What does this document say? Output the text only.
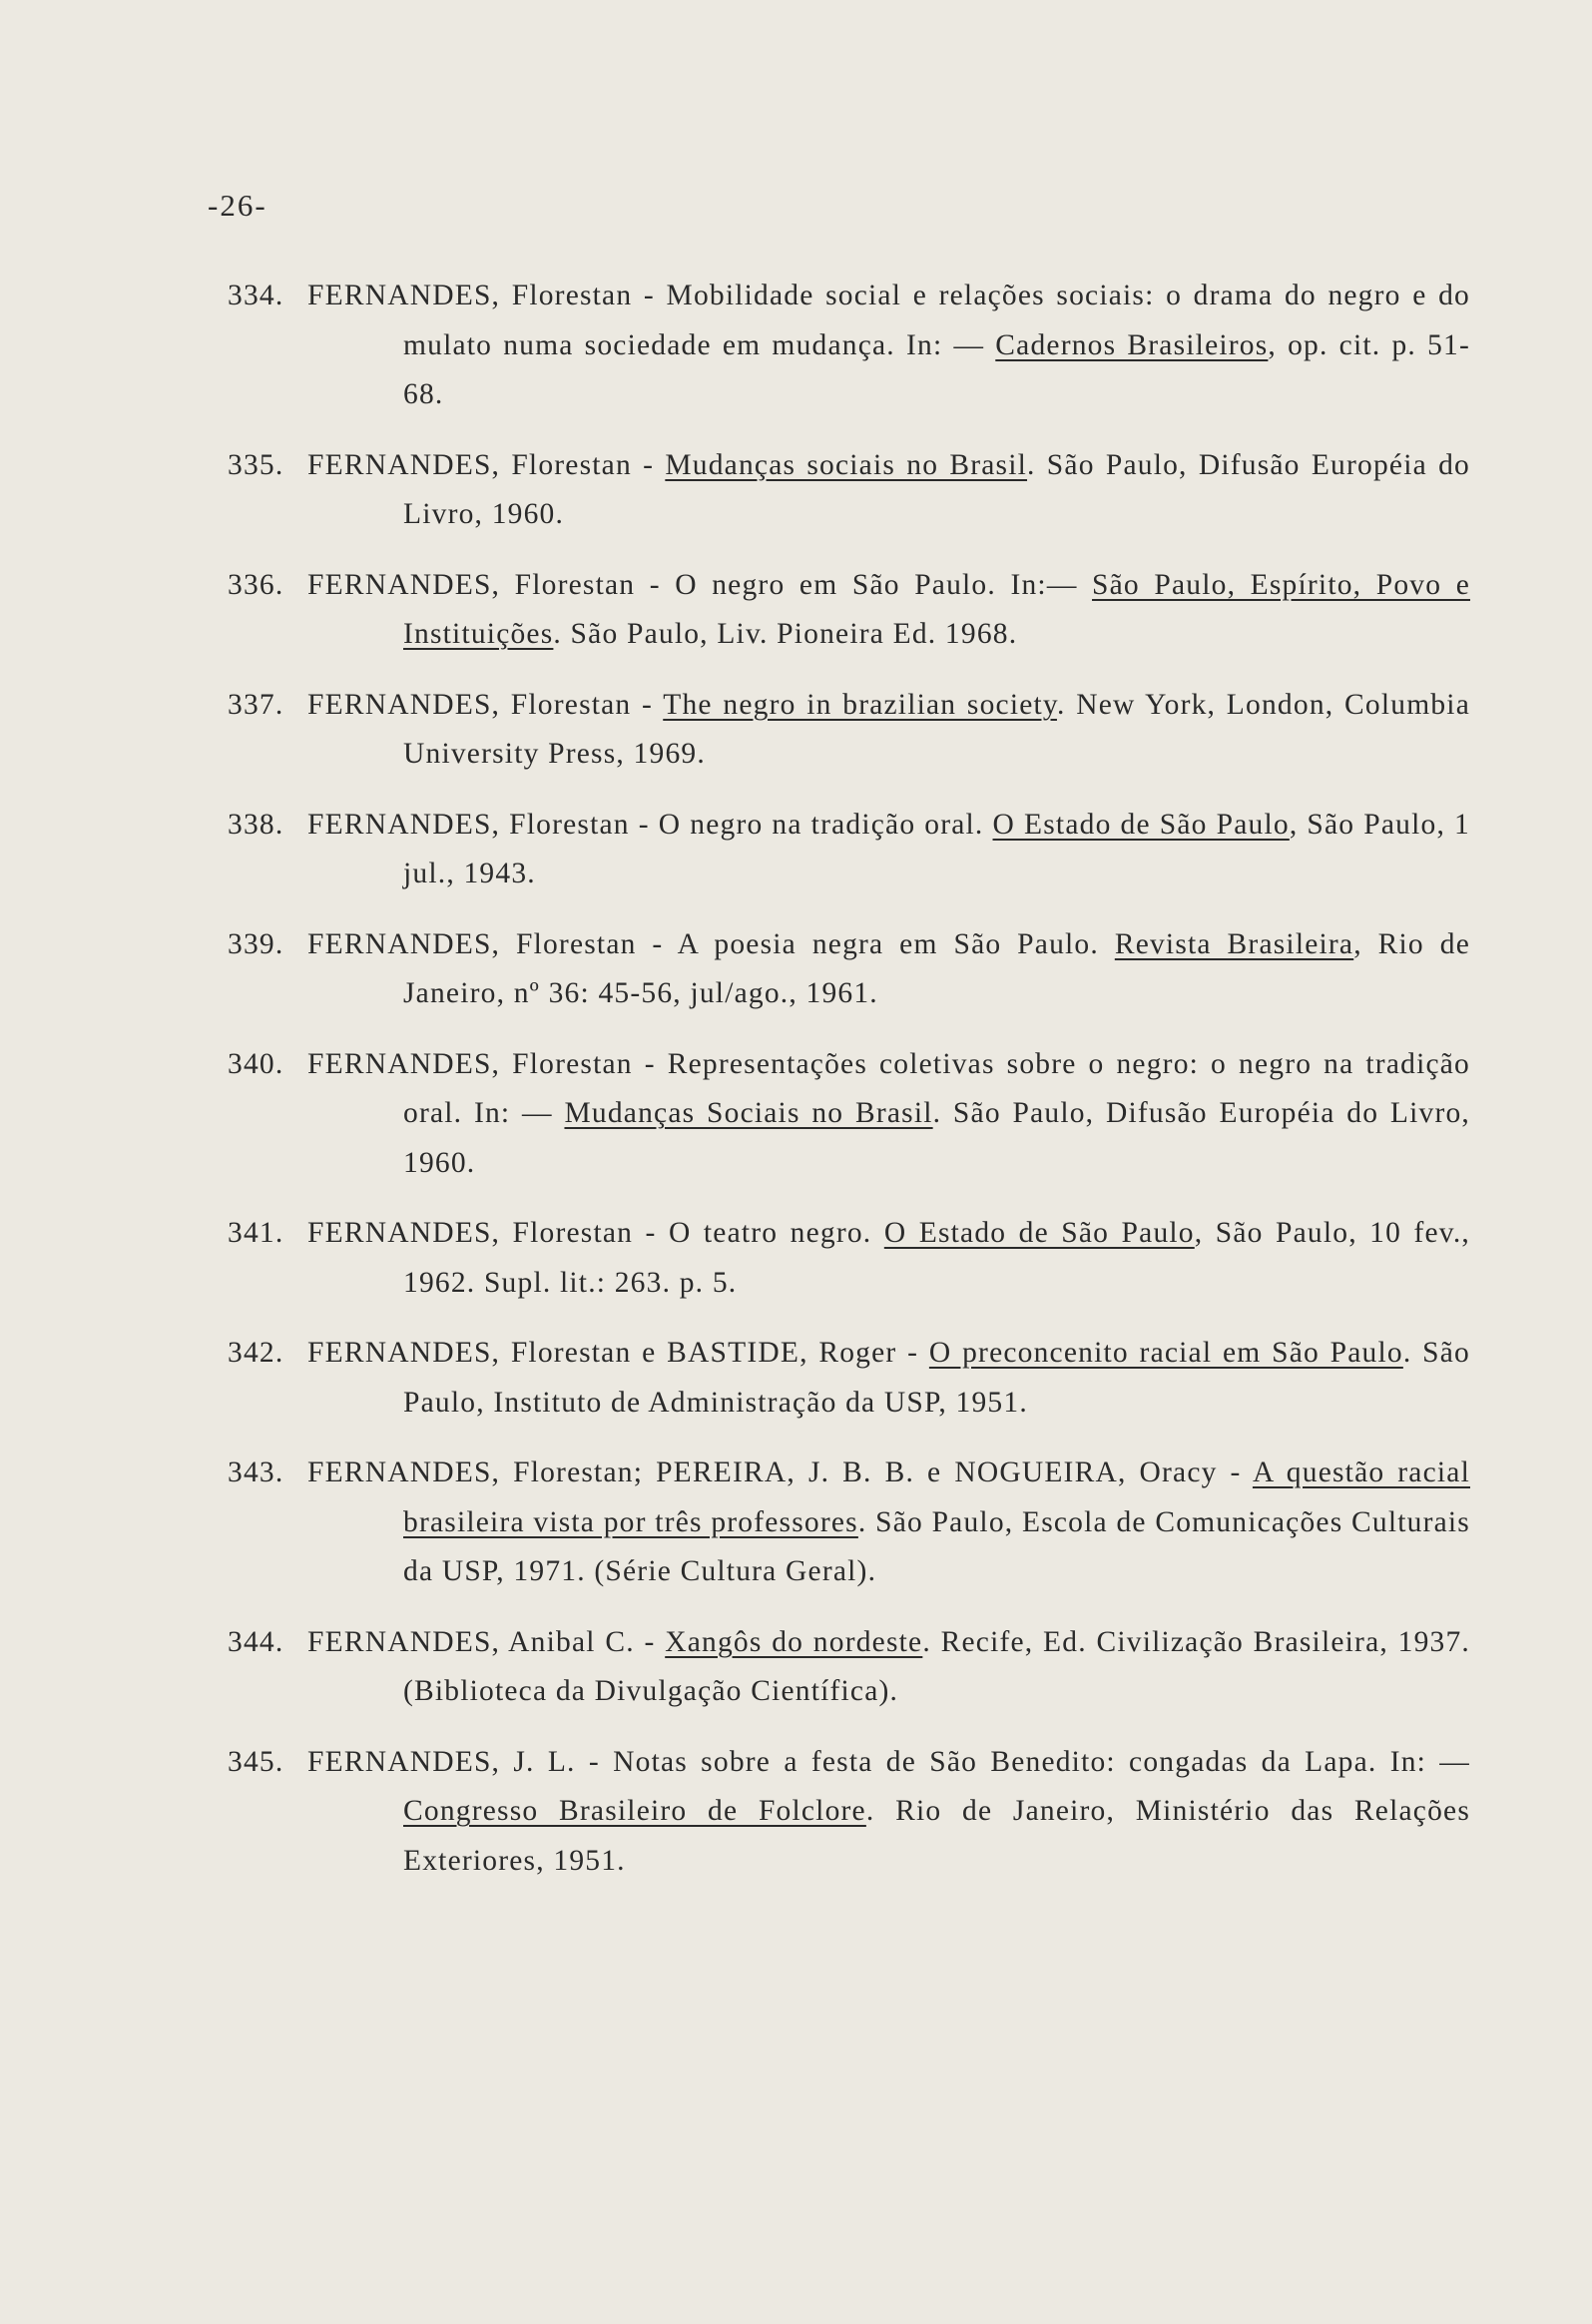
-26-
334. FERNANDES, Florestan - Mobilidade social e relações sociais: o drama do negro e do mulato numa sociedade em mudança. In: — Cadernos Brasileiros, op. cit. p. 51-68.
335. FERNANDES, Florestan - Mudanças sociais no Brasil. São Paulo, Difusão Européia do Livro, 1960.
336. FERNANDES, Florestan - O negro em São Paulo. In:— São Paulo, Espírito, Povo e Instituições. São Paulo, Liv. Pioneira Ed. 1968.
337. FERNANDES, Florestan - The negro in brazilian society. New York, London, Columbia University Press, 1969.
338. FERNANDES, Florestan - O negro na tradição oral. O Estado de São Paulo, São Paulo, 1 jul., 1943.
339. FERNANDES, Florestan - A poesia negra em São Paulo. Revista Brasileira, Rio de Janeiro, nº 36: 45-56, jul/ago., 1961.
340. FERNANDES, Florestan - Representações coletivas sobre o negro: o negro na tradição oral. In: — Mudanças Sociais no Brasil. São Paulo, Difusão Européia do Livro, 1960.
341. FERNANDES, Florestan - O teatro negro. O Estado de São Paulo, São Paulo, 10 fev., 1962. Supl. lit.: 263. p. 5.
342. FERNANDES, Florestan e BASTIDE, Roger - O preconcenito racial em São Paulo. São Paulo, Instituto de Administração da USP, 1951.
343. FERNANDES, Florestan; PEREIRA, J. B. B. e NOGUEIRA, Oracy - A questão racial brasileira vista por três professores. São Paulo, Escola de Comunicações Culturais da USP, 1971. (Série Cultura Geral).
344. FERNANDES, Anibal C. - Xangôs do nordeste. Recife, Ed. Civilização Brasileira, 1937. (Biblioteca da Divulgação Científica).
345. FERNANDES, J. L. - Notas sobre a festa de São Benedito: congadas da Lapa. In: — Congresso Brasileiro de Folclore. Rio de Janeiro, Ministério das Relações Exteriores, 1951.
